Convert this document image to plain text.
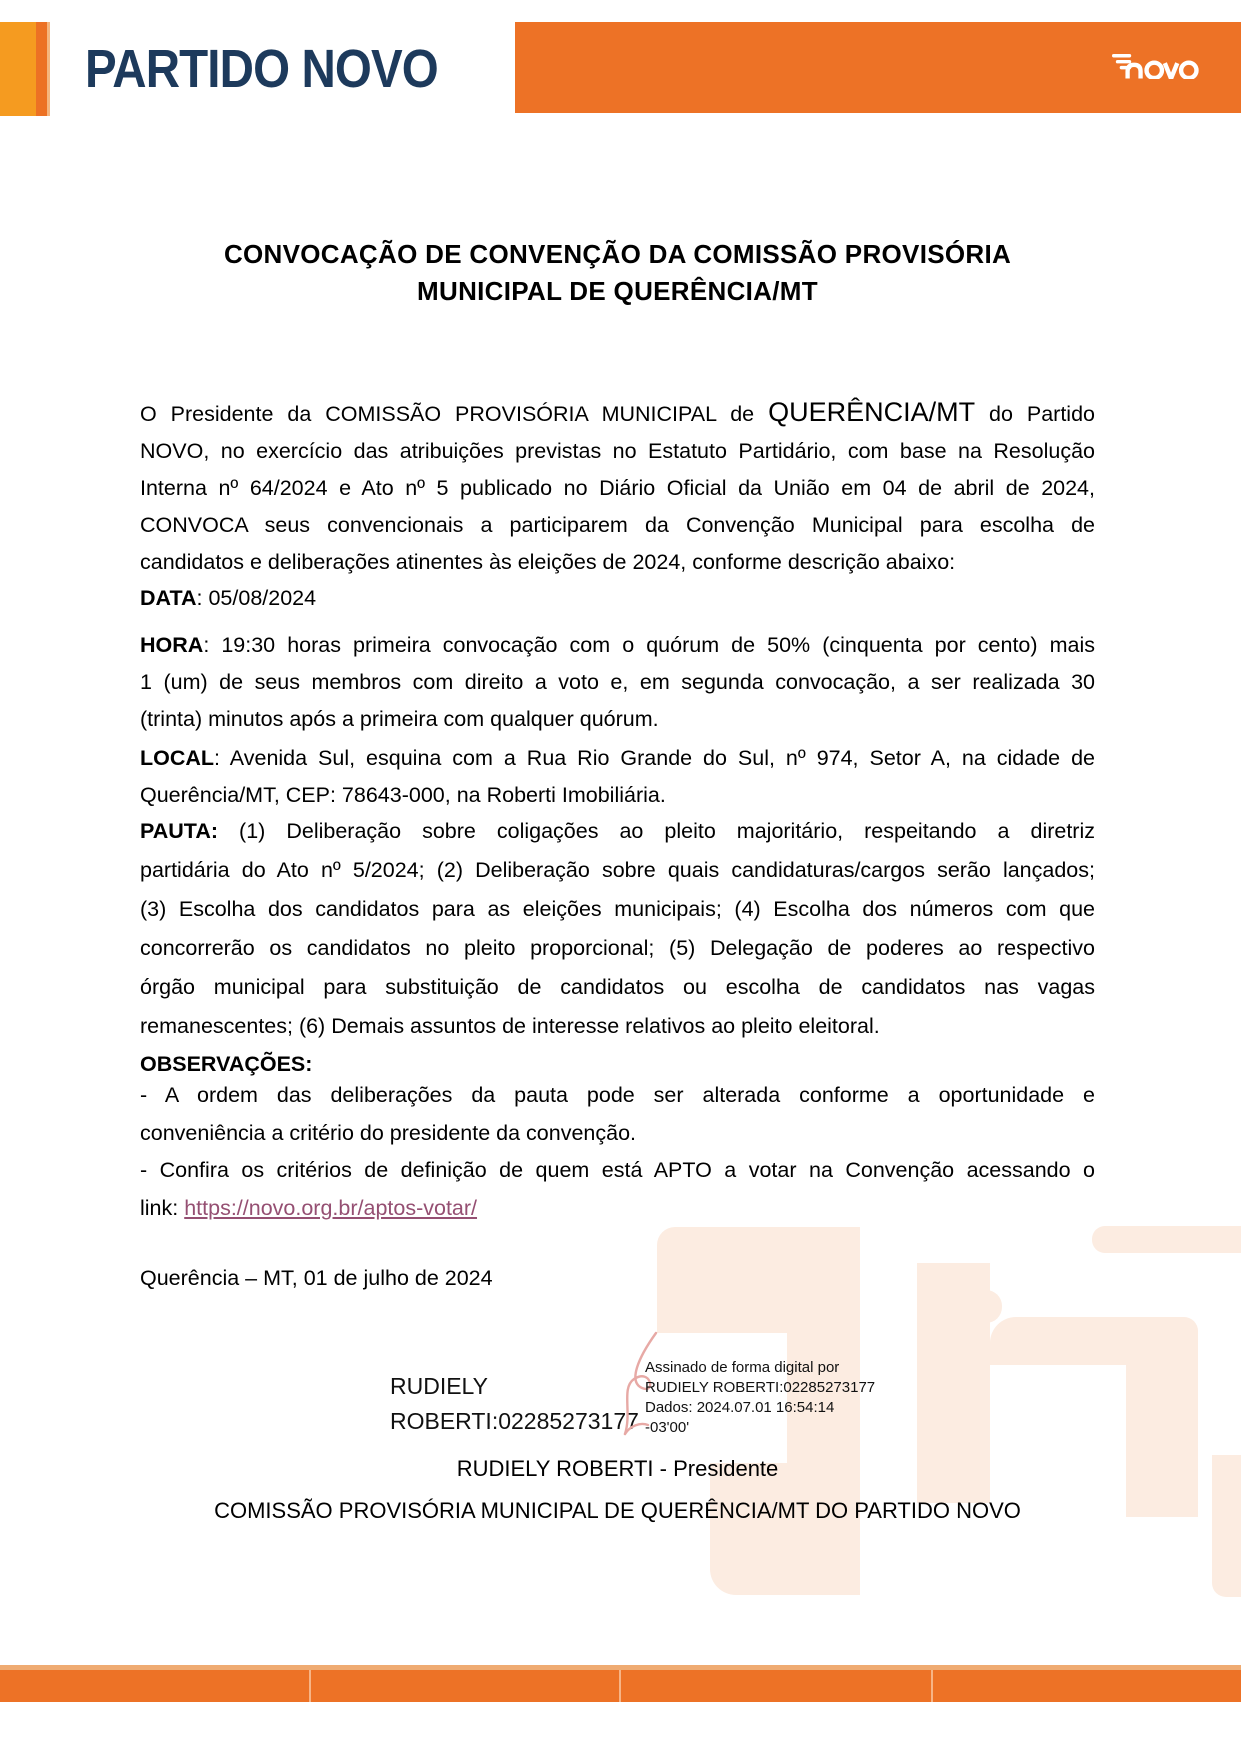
PARTIDO NOVO
CONVOCAÇÃO DE CONVENÇÃO DA COMISSÃO PROVISÓRIA
MUNICIPAL DE QUERÊNCIA/MT
O Presidente da COMISSÃO PROVISÓRIA MUNICIPAL de QUERÊNCIA/MT do Partido
NOVO, no exercício das atribuições previstas no Estatuto Partidário, com base na Resolução
Interna nº 64/2024 e Ato nº 5 publicado no Diário Oficial da União em 04 de abril de 2024,
CONVOCA seus convencionais a participarem da Convenção Municipal para escolha de
candidatos e deliberações atinentes às eleições de 2024, conforme descrição abaixo:
DATA: 05/08/2024
HORA: 19:30 horas primeira convocação com o quórum de 50% (cinquenta por cento) mais
1 (um) de seus membros com direito a voto e, em segunda convocação, a ser realizada 30
(trinta) minutos após a primeira com qualquer quórum.
LOCAL: Avenida Sul, esquina com a Rua Rio Grande do Sul, nº 974, Setor A, na cidade de
Querência/MT, CEP: 78643-000, na Roberti Imobiliária.
PAUTA: (1) Deliberação sobre coligações ao pleito majoritário, respeitando a diretriz
partidária do Ato nº 5/2024; (2) Deliberação sobre quais candidaturas/cargos serão lançados;
(3) Escolha dos candidatos para as eleições municipais; (4) Escolha dos números com que
concorrerão os candidatos no pleito proporcional; (5) Delegação de poderes ao respectivo
órgão municipal para substituição de candidatos ou escolha de candidatos nas vagas
remanescentes; (6) Demais assuntos de interesse relativos ao pleito eleitoral.
OBSERVAÇÕES:
- A ordem das deliberações da pauta pode ser alterada conforme a oportunidade e
conveniência a critério do presidente da convenção.
- Confira os critérios de definição de quem está APTO a votar na Convenção acessando o
link: https://novo.org.br/aptos-votar/
Querência – MT, 01 de julho de 2024
RUDIELY
ROBERTI:02285273177
Assinado de forma digital por
RUDIELY ROBERTI:02285273177
Dados: 2024.07.01 16:54:14
-03'00'
RUDIELY ROBERTI - Presidente
COMISSÃO PROVISÓRIA MUNICIPAL DE QUERÊNCIA/MT DO PARTIDO NOVO
